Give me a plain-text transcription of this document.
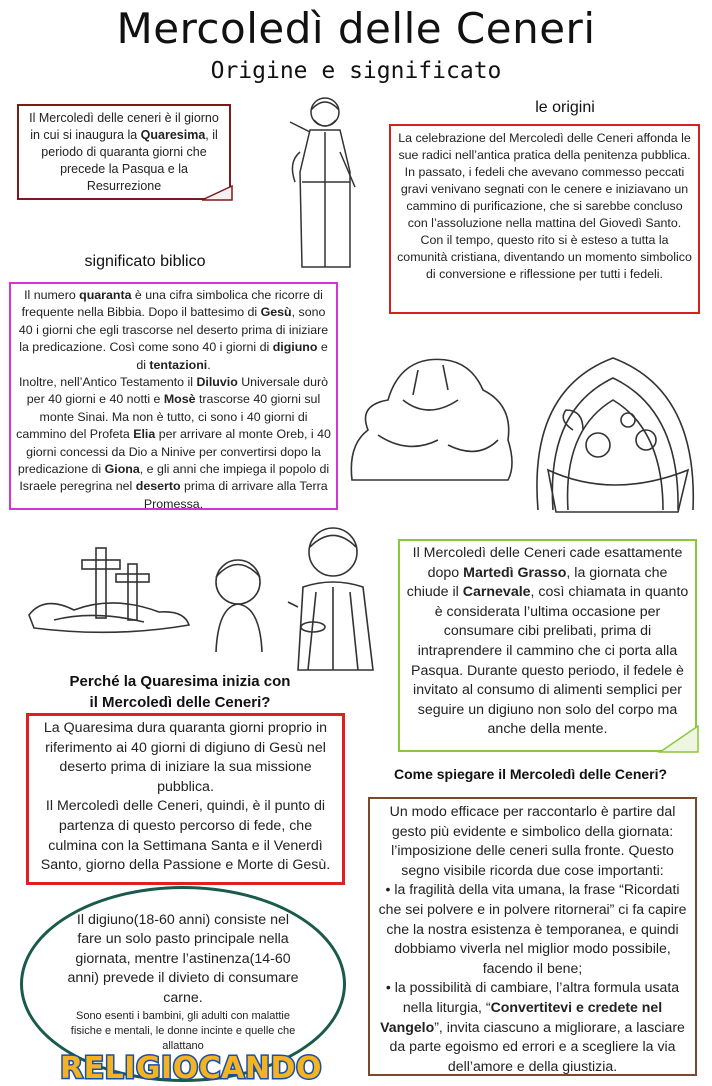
Mercoledì delle Ceneri
Origine e significato

Il Mercoledì delle ceneri è il giorno in cui si inaugura la Quaresima, il periodo di quaranta giorni che precede la Pasqua e la Resurrezione

le origini

La celebrazione del Mercoledì delle Ceneri affonda le sue radici nell’antica pratica della penitenza pubblica. In passato, i fedeli che avevano commesso peccati gravi venivano segnati con le cenere e iniziavano un cammino di purificazione, che si sarebbe concluso con l’assoluzione nella mattina del Giovedì Santo. Con il tempo, questo rito si è esteso a tutta la comunità cristiana, diventando un momento simbolico di conversione e riflessione per tutti i fedeli.

significato biblico

Il numero quaranta è una cifra simbolica che ricorre di frequente nella Bibbia. Dopo il battesimo di Gesù, sono 40 i giorni che egli trascorse nel deserto prima di iniziare la predicazione. Così come sono 40 i giorni di digiuno e di tentazioni.

Inoltre, nell’Antico Testamento il Diluvio Universale durò per 40 giorni e 40 notti e Mosè trascorse 40 giorni sul monte Sinai. Ma non è tutto, ci sono i 40 giorni di cammino del Profeta Elia per arrivare al monte Oreb, i 40 giorni concessi da Dio a Ninive per convertirsi dopo la predicazione di Giona, e gli anni che impiega il popolo di Israele peregrina nel deserto prima di arrivare alla Terra Promessa.

Il Mercoledì delle Ceneri cade esattamente dopo Martedì Grasso, la giornata che chiude il Carnevale, così chiamata in quanto è considerata l’ultima occasione per consumare cibi prelibati, prima di intraprendere il cammino che ci porta alla Pasqua. Durante questo periodo, il fedele è invitato al consumo di alimenti semplici per seguire un digiuno non solo del corpo ma anche della mente.

Perché la Quaresima inizia con
il Mercoledì delle Ceneri?

La Quaresima dura quaranta giorni proprio in riferimento ai 40 giorni di digiuno di Gesù nel deserto prima di iniziare la sua missione pubblica.

Il Mercoledì delle Ceneri, quindi, è il punto di partenza di questo percorso di fede, che culmina con la Settimana Santa e il Venerdì Santo, giorno della Passione e Morte di Gesù.

Come spiegare il Mercoledì delle Ceneri?

Un modo efficace per raccontarlo è partire dal gesto più evidente e simbolico della giornata: l’imposizione delle ceneri sulla fronte. Questo segno visibile ricorda due cose importanti:

• la fragilità della vita umana, la frase “Ricordati che sei polvere e in polvere ritornerai” ci fa capire che la nostra esistenza è temporanea, e quindi dobbiamo viverla nel miglior modo possibile, facendo il bene;

• la possibilità di cambiare, l’altra formula usata nella liturgia, “Convertitevi e credete nel Vangelo”, invita ciascuno a migliorare, a lasciare da parte egoismo ed errori e a scegliere la via dell’amore e della giustizia.

Il digiuno(18-60 anni) consiste nel fare un solo pasto principale nella giornata, mentre l’astinenza(14-60 anni) prevede il divieto di consumare carne.

Sono esenti i bambini, gli adulti con malattie fisiche e mentali, le donne incinte e quelle che allattano

RELIGIOCANDO
